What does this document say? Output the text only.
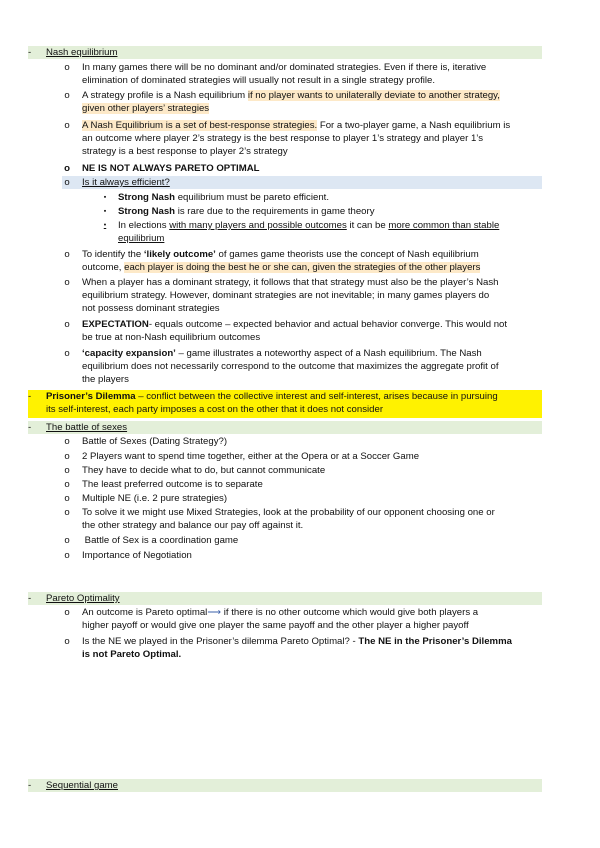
- Nash equilibrium
o In many games there will be no dominant and/or dominated strategies. Even if there is, iterative
elimination of dominated strategies will usually not result in a single strategy profile.
o A strategy profile is a Nash equilibrium if no player wants to unilaterally deviate to another strategy,
given other players’ strategies
o A Nash Equilibrium is a set of best-response strategies. For a two-player game, a Nash equilibrium is
an outcome where player 2’s strategy is the best response to player 1’s strategy and player 1’s
strategy is a best response to player 2’s strategy
o NE IS NOT ALWAYS PARETO OPTIMAL
o Is it always efficient?
▪	Strong Nash equilibrium must be pareto efficient.
▪	Strong Nash is rare due to the requirements in game theory
•	In elections with many players and possible outcomes it can be more common than stable
equilibrium
o To identify the ‘likely outcome’ of games game theorists use the concept of Nash equilibrium
outcome, each player is doing the best he or she can, given the strategies of the other players
o When a player has a dominant strategy, it follows that that strategy must also be the player’s Nash
equilibrium strategy. However, dominant strategies are not inevitable; in many games players do
not possess dominant strategies
o EXPECTATION- equals outcome – expected behavior and actual behavior converge. This would not
be true at non-Nash equilibrium outcomes
o ‘capacity expansion’ – game illustrates a noteworthy aspect of a Nash equilibrium. The Nash
equilibrium does not necessarily correspond to the outcome that maximizes the aggregate profit of
the players
- Prisoner’s Dilemma – conflict between the collective interest and self-interest, arises because in pursuing
its self-interest, each party imposes a cost on the other that it does not consider
- The battle of sexes
o Battle of Sexes (Dating Strategy?)
o 2 Players want to spend time together, either at the Opera or at a Soccer Game
o They have to decide what to do, but cannot communicate
o The least preferred outcome is to separate
o Multiple NE (i.e. 2 pure strategies)
o To solve it we might use Mixed Strategies, look at the probability of our opponent choosing one or
the other strategy and balance our pay off against it.
o Battle of Sex is a coordination game
o Importance of Negotiation
- Pareto Optimality
o An outcome is Pareto optimal⟶ if there is no other outcome which would give both players a
higher payoff or would give one player the same payoff and the other player a higher payoff
o Is the NE we played in the Prisoner’s dilemma Pareto Optimal? - The NE in the Prisoner’s Dilemma
is not Pareto Optimal.
- Sequential game
